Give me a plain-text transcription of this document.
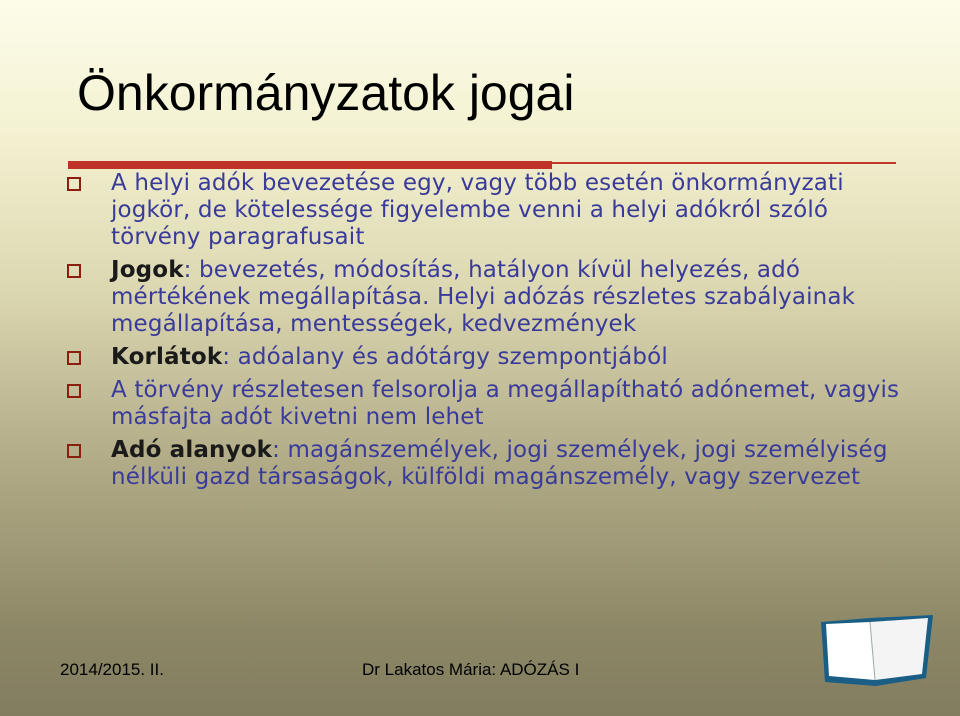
Önkormányzatok jogai
A helyi adók bevezetése egy, vagy több esetén önkormányzati jogkör, de kötelessége figyelembe venni a helyi adókról szóló törvény paragrafusait
Jogok: bevezetés, módosítás, hatályon kívül helyezés, adó mértékének megállapítása. Helyi adózás részletes szabályainak megállapítása, mentességek, kedvezmények
Korlátok: adóalany és adótárgy szempontjából
A törvény részletesen felsorolja a megállapítható adónemet, vagyis másfajta adót kivetni nem lehet
Adó alanyok: magánszemélyek, jogi személyek, jogi személyiség nélküli gazd társaságok, külföldi magánszemély, vagy szervezet
2014/2015. II.	Dr Lakatos Mária: ADÓZÁS I
